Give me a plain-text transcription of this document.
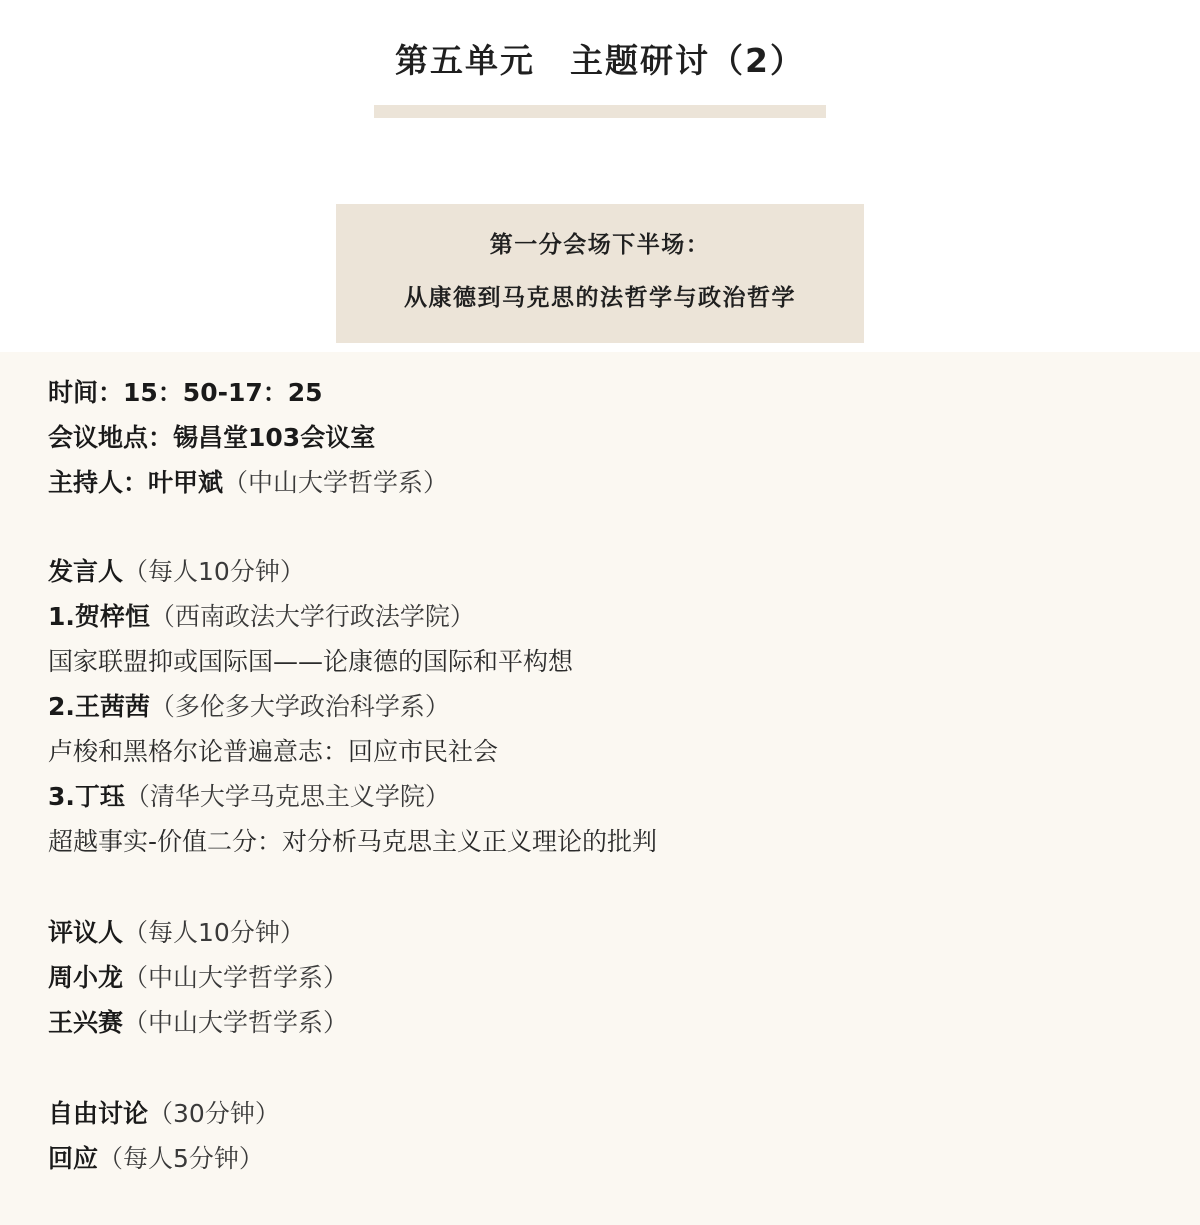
第五单元　主题研讨（2）
第一分会场下半场：
从康德到马克思的法哲学与政治哲学
时间：15：50-17：25
会议地点：锡昌堂103会议室
主持人：叶甲斌（中山大学哲学系）
发言人（每人10分钟）
1.贺梓恒（西南政法大学行政法学院）
国家联盟抑或国际国——论康德的国际和平构想
2.王茜茜（多伦多大学政治科学系）
卢梭和黑格尔论普遍意志：回应市民社会
3.丁珏（清华大学马克思主义学院）
超越事实-价值二分：对分析马克思主义正义理论的批判
评议人（每人10分钟）
周小龙（中山大学哲学系）
王兴赛（中山大学哲学系）
自由讨论（30分钟）
回应（每人5分钟）
